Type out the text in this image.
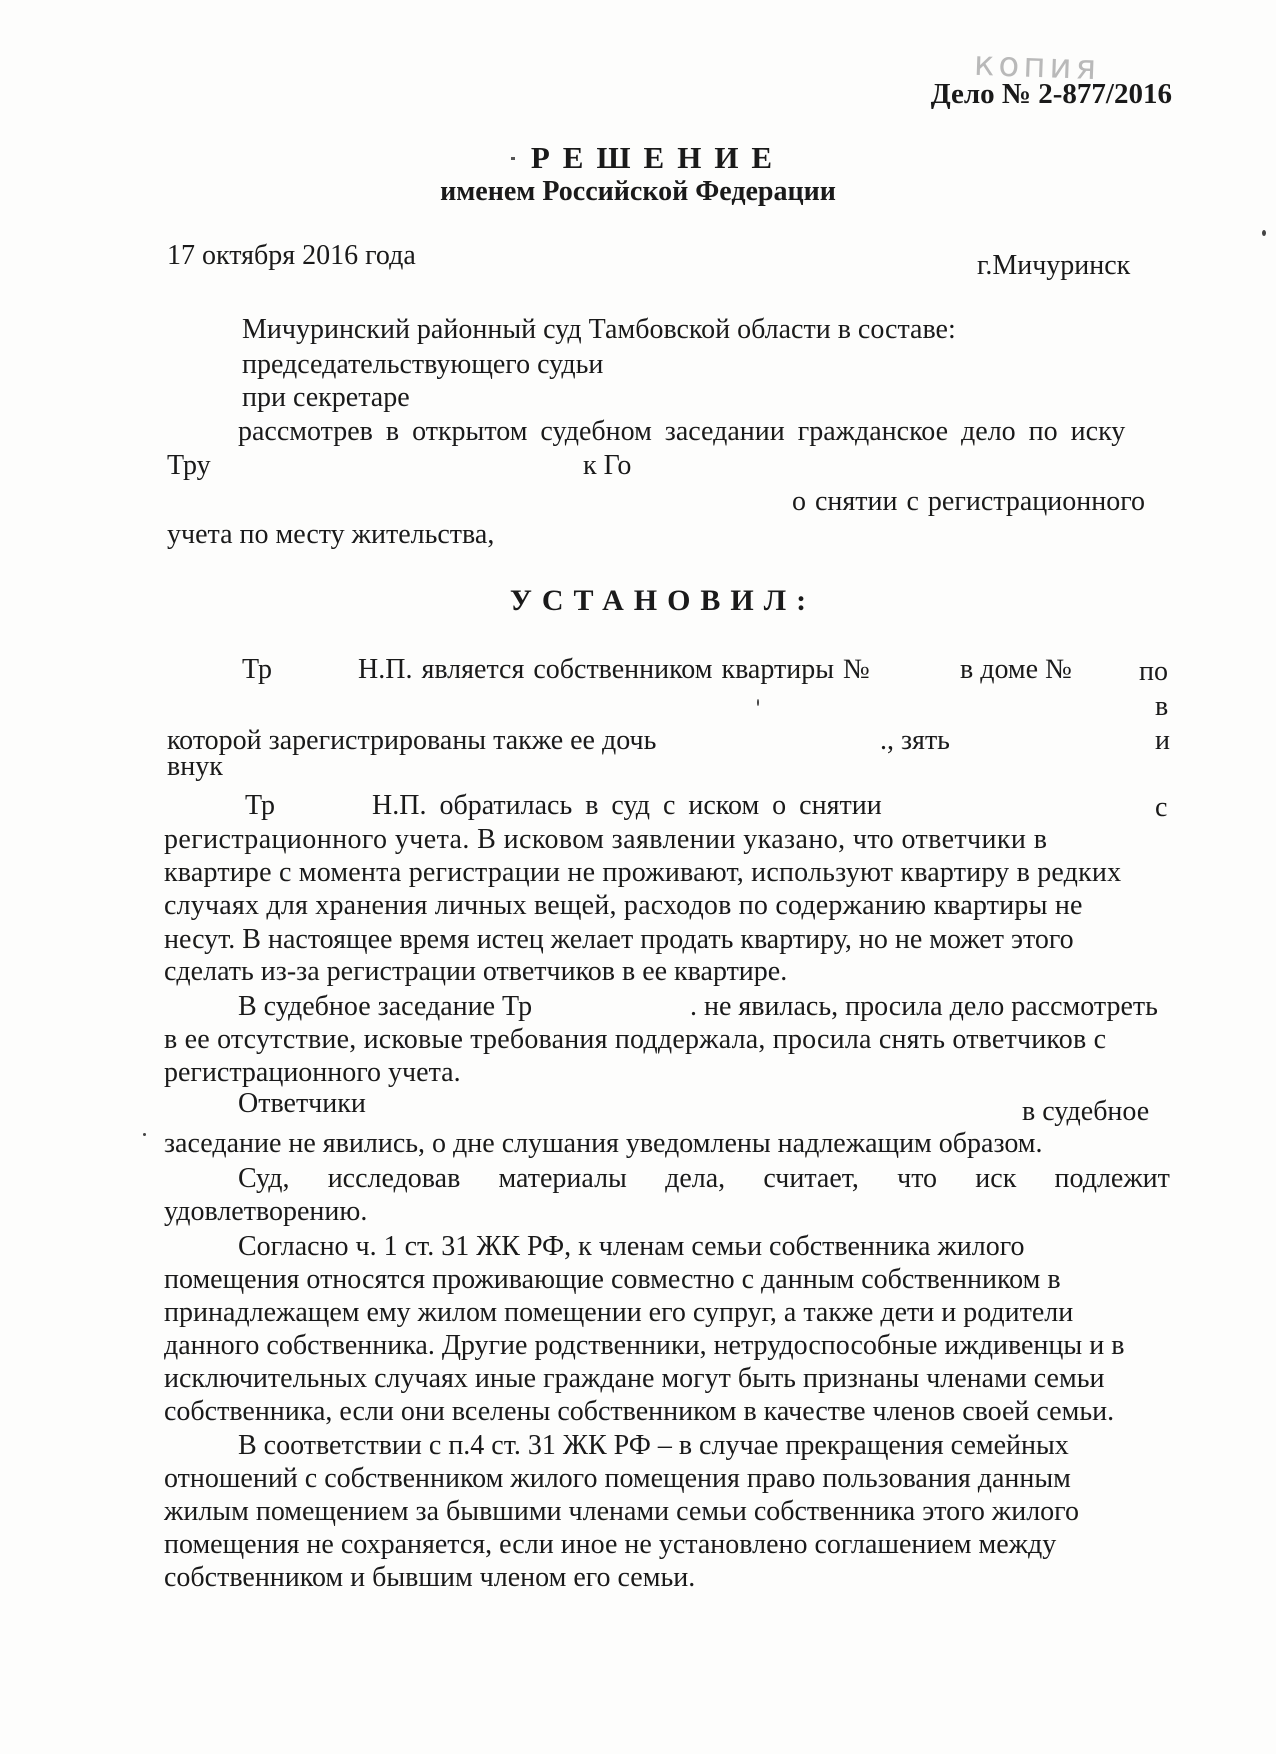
копия
Дело № 2-877/2016
РЕШЕНИЕ
именем Российской Федерации
17 октября 2016 года	г.Мичуринск
Мичуринский районный суд Тамбовской области в составе:
председательствующего судьи
при секретаре
рассмотрев в открытом судебном заседании гражданское дело по иску
Тру	к Го
о снятии с регистрационного
учета по месту жительства,
УСТАНОВИЛ:
Тр	Н.П. является собственником квартиры №	в доме № по
в
которой зарегистрированы также ее дочь	., зять	и
внук
Тр	Н.П. обратилась в суд с иском о снятии	с
регистрационного учета. В исковом заявлении указано, что ответчики в
квартире с момента регистрации не проживают, используют квартиру в редких
случаях для хранения личных вещей, расходов по содержанию квартиры не
несут. В настоящее время истец желает продать квартиру, но не может этого
сделать из-за регистрации ответчиков в ее квартире.
В судебное заседание Тр	. не явилась, просила дело рассмотреть
в ее отсутствие, исковые требования поддержала, просила снять ответчиков с
регистрационного учета.
Ответчики	в судебное
заседание не явились, о дне слушания уведомлены надлежащим образом.
Суд, исследовав материалы дела, считает, что иск подлежит
удовлетворению.
Согласно ч. 1 ст. 31 ЖК РФ, к членам семьи собственника жилого
помещения относятся проживающие совместно с данным собственником в
принадлежащем ему жилом помещении его супруг, а также дети и родители
данного собственника. Другие родственники, нетрудоспособные иждивенцы и в
исключительных случаях иные граждане могут быть признаны членами семьи
собственника, если они вселены собственником в качестве членов своей семьи.
В соответствии с п.4 ст. 31 ЖК РФ – в случае прекращения семейных
отношений с собственником жилого помещения право пользования данным
жилым помещением за бывшими членами семьи собственника этого жилого
помещения не сохраняется, если иное не установлено соглашением между
собственником и бывшим членом его семьи.
